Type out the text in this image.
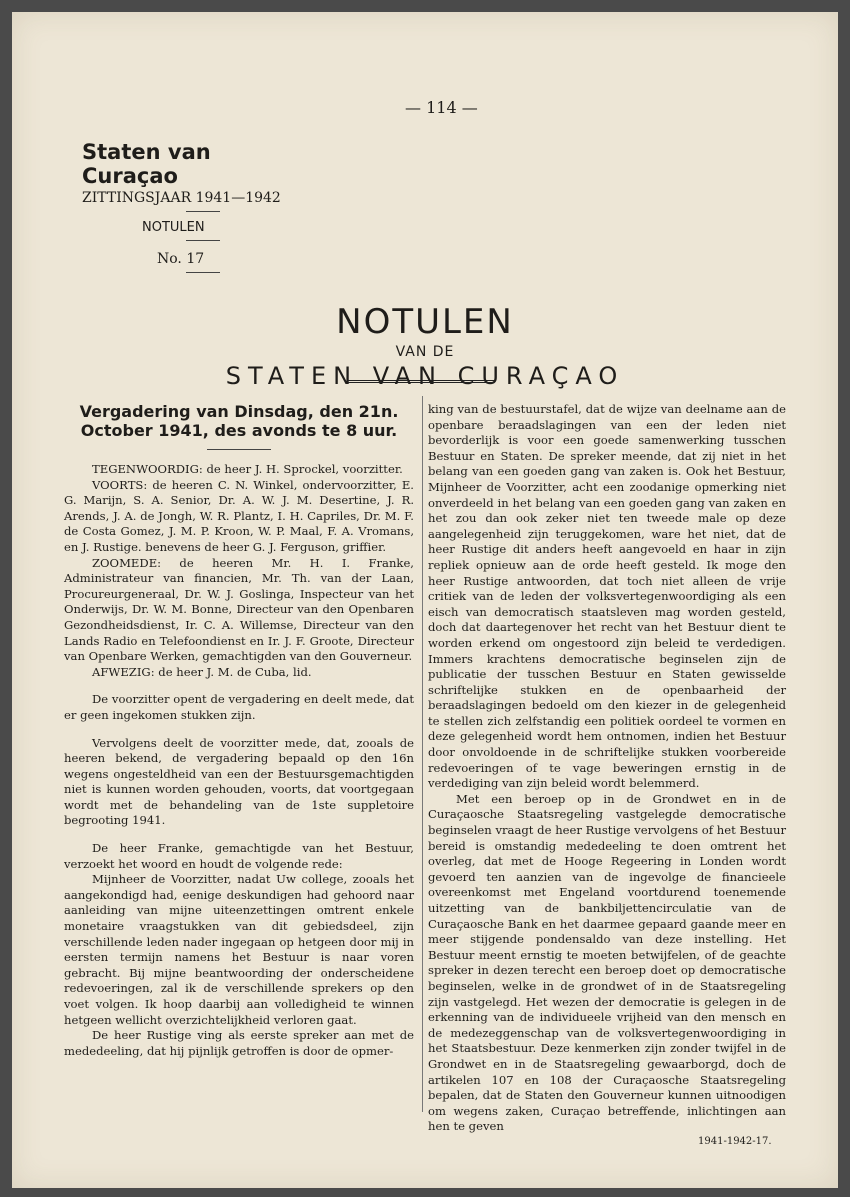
— 114 —
Staten van Curaçao
ZITTINGSJAAR 1941—1942
NOTULEN
No. 17
NOTULEN
VAN DE
STATEN VAN CURAÇAO
Vergadering van Dinsdag, den 21n. October 1941, des avonds te 8 uur.

TEGENWOORDIG: de heer J. H. Sprockel, voorzitter.

VOORTS: de heeren C. N. Winkel, ondervoorzitter, E. G. Marijn, S. A. Senior, Dr. A. W. J. M. Desertine, J. R. Arends, J. A. de Jongh, W. R. Plantz, I. H. Capriles, Dr. M. F. de Costa Gomez, J. M. P. Kroon, W. P. Maal, F. A. Vromans, en J. Rustige. benevens de heer G. J. Ferguson, griffier.

ZOOMEDE: de heeren Mr. H. I. Franke, Administrateur van financien, Mr. Th. van der Laan, Procureurgeneraal, Dr. W. J. Goslinga, Inspecteur van het Onderwijs, Dr. W. M. Bonne, Directeur van den Openbaren Gezondheidsdienst, Ir. C. A. Willemse, Directeur van den Lands Radio en Telefoondienst en Ir. J. F. Groote, Directeur van Openbare Werken, gemachtigden van den Gouverneur.

AFWEZIG: de heer J. M. de Cuba, lid.

De voorzitter opent de vergadering en deelt mede, dat er geen ingekomen stukken zijn.

Vervolgens deelt de voorzitter mede, dat, zooals de heeren bekend, de vergadering bepaald op den 16n wegens ongesteldheid van een der Bestuursgemachtigden niet is kunnen worden gehouden, voorts, dat voortgegaan wordt met de behandeling van de 1ste suppletoire begrooting 1941.

De heer Franke, gemachtigde van het Bestuur, verzoekt het woord en houdt de volgende rede:

Mijnheer de Voorzitter, nadat Uw college, zooals het aangekondigd had, eenige deskundigen had gehoord naar aanleiding van mijne uiteenzettingen omtrent enkele monetaire vraagstukken van dit gebiedsdeel, zijn verschillende leden nader ingegaan op hetgeen door mij in eersten termijn namens het Bestuur is naar voren gebracht. Bij mijne beantwoording der onderscheidene redevoeringen, zal ik de verschillende sprekers op den voet volgen. Ik hoop daarbij aan volledigheid te winnen hetgeen wellicht overzichtelijkheid verloren gaat.

De heer Rustige ving als eerste spreker aan met de mededeeling, dat hij pijnlijk getroffen is door de opmer-

king van de bestuurstafel, dat de wijze van deelname aan de openbare beraadslagingen van een der leden niet bevorderlijk is voor een goede samenwerking tusschen Bestuur en Staten. De spreker meende, dat zij niet in het belang van een goeden gang van zaken is. Ook het Bestuur, Mijnheer de Voorzitter, acht een zoodanige opmerking niet onverdeeld in het belang van een goeden gang van zaken en het zou dan ook zeker niet ten tweede male op deze aangelegenheid zijn teruggekomen, ware het niet, dat de heer Rustige dit anders heeft aangevoeld en haar in zijn repliek opnieuw aan de orde heeft gesteld. Ik moge den heer Rustige antwoorden, dat toch niet alleen de vrije critiek van de leden der volksvertegenwoordiging als een eisch van democratisch staatsleven mag worden gesteld, doch dat daartegenover het recht van het Bestuur dient te worden erkend om ongestoord zijn beleid te verdedigen. Immers krachtens democratische beginselen zijn de publicatie der tusschen Bestuur en Staten gewisselde schriftelijke stukken en de openbaarheid der beraadslagingen bedoeld om den kiezer in de gelegenheid te stellen zich zelfstandig een politiek oordeel te vormen en deze gelegenheid wordt hem ontnomen, indien het Bestuur door onvoldoende in de schriftelijke stukken voorbereide redevoeringen of te vage beweringen ernstig in de verdediging van zijn beleid wordt belemmerd.

Met een beroep op in de Grondwet en in de Curaçaosche Staatsregeling vastgelegde democratische beginselen vraagt de heer Rustige vervolgens of het Bestuur bereid is omstandig mededeeling te doen omtrent het overleg, dat met de Hooge Regeering in Londen wordt gevoerd ten aanzien van de ingevolge de financieele overeenkomst met Engeland voortdurend toenemende uitzetting van de bankbiljettencirculatie van de Curaçaosche Bank en het daarmee gepaard gaande meer en meer stijgende pondensaldo van deze instelling. Het Bestuur meent ernstig te moeten betwijfelen, of de geachte spreker in dezen terecht een beroep doet op democratische beginselen, welke in de grondwet of in de Staatsregeling zijn vastgelegd. Het wezen der democratie is gelegen in de erkenning van de individueele vrijheid van den mensch en de medezeggenschap van de volksvertegenwoordiging in het Staatsbestuur. Deze kenmerken zijn zonder twijfel in de Grondwet en in de Staatsregeling gewaarborgd, doch de artikelen 107 en 108 der Curaçaosche Staatsregeling bepalen, dat de Staten den Gouverneur kunnen uitnoodigen om wegens zaken, Curaçao betreffende, inlichtingen aan hen te geven

1941-1942-17.
